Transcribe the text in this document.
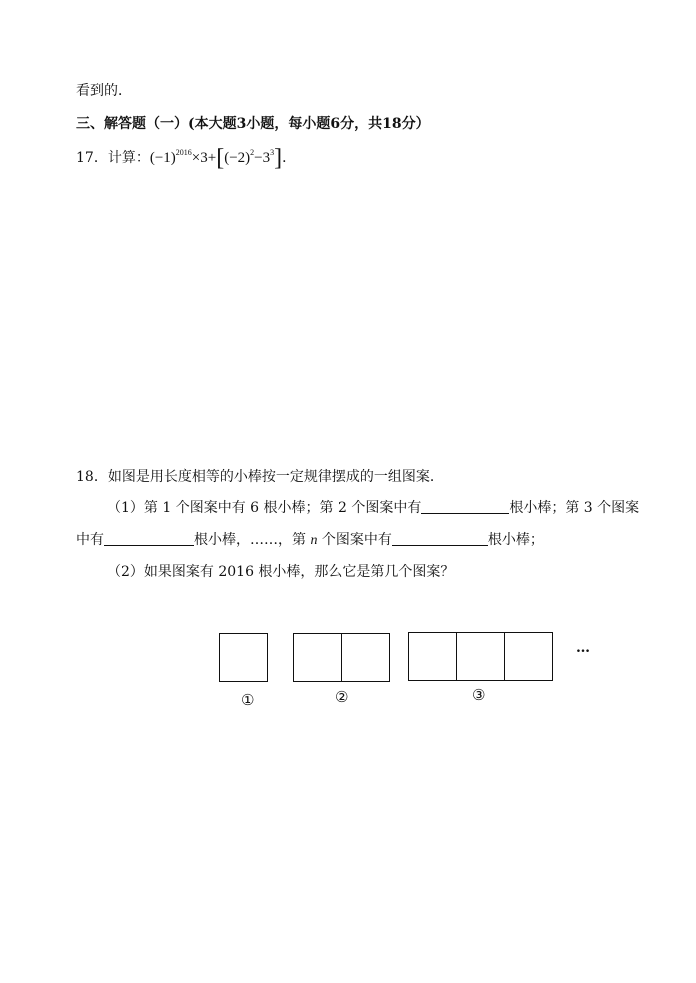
看到的．
三、解答题（一）(本大题3小题，每小题6分，共18分）
17．计算：$(-1)^{2016}\times 3+[(-2)^2-3^3]$．
18．如图是用长度相等的小棒按一定规律摆成的一组图案．
（1）第 1 个图案中有 6 根小棒；第 2 个图案中有	根小棒；第 3 个图案
中有	根小棒，……，第 n 个图案中有	根小棒；
（2）如果图案有 2016 根小棒，那么它是第几个图案？
①	②	③
…
